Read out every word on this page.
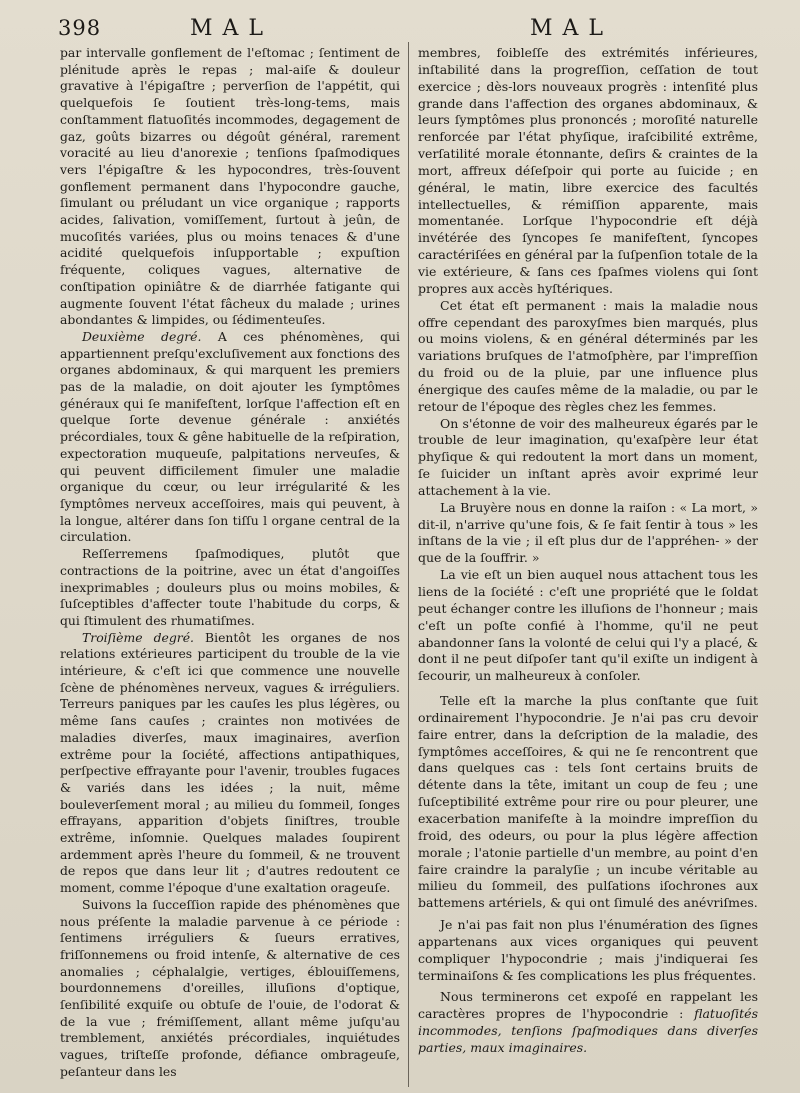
398	MAL	MAL

par intervalle gonflement de l'eſtomac ; ſentiment de plénitude après le repas ; mal-aiſe & douleur gravative à l'épigaſtre ; perverſion de l'appétit, qui quelquefois ſe ſoutient très-long-tems, mais conſtamment flatuoſités incommodes, degagement de gaz, goûts bizarres ou dégoût général, rarement voracité au lieu d'anorexie ; tenſions ſpaſmodiques vers l'épigaſtre & les hypocondres, très-ſouvent gonflement permanent dans l'hypocondre gauche, ſimulant ou préludant un vice organique ; rapports acides, ſalivation, vomiſſement, ſurtout à jeûn, de mucoſités variées, plus ou moins tenaces & d'une acidité quelquefois inſupportable ; expuſtion fréquente, coliques vagues, alternative de conſtipation opiniâtre & de diarrhée fatigante qui augmente ſouvent l'état fâcheux du malade ; urines abondantes & limpides, ou ſédimenteuſes.

Deuxième degré. A ces phénomènes, qui appartiennent preſqu'excluſivement aux fonctions des organes abdominaux, & qui marquent les premiers pas de la maladie, on doit ajouter les ſymptômes généraux qui ſe manifeſtent, lorſque l'affection eſt en quelque ſorte devenue générale : anxiétés précordiales, toux & gêne habituelle de la reſpiration, expectoration muqueuſe, palpitations nerveuſes, & qui peuvent difficilement ſimuler une maladie organique du cœur, ou leur irrégularité & les ſymptômes nerveux acceſſoires, mais qui peuvent, à la longue, altérer dans ſon tiſſu l organe central de la circulation.

Reſſerremens ſpaſmodiques, plutôt que contractions de la poitrine, avec un état d'angoiſſes inexprimables ; douleurs plus ou moins mobiles, & ſuſceptibles d'affecter toute l'habitude du corps, & qui ſtimulent des rhumatiſmes.

Troiſième degré. Bientôt les organes de nos relations extérieures participent du trouble de la vie intérieure, & c'eſt ici que commence une nouvelle ſcène de phénomènes nerveux, vagues & irréguliers. Terreurs paniques par les cauſes les plus légères, ou même ſans cauſes ; craintes non motivées de maladies diverſes, maux imaginaires, averſion extrême pour la ſociété, affections antipathiques, perſpective effrayante pour l'avenir, troubles fugaces & variés dans les idées ; la nuit, même bouleverſement moral ; au milieu du ſommeil, ſonges effrayans, apparition d'objets ſiniſtres, trouble extrême, inſomnie. Quelques malades ſoupirent ardemment après l'heure du ſommeil, & ne trouvent de repos que dans leur lit ; d'autres redoutent ce moment, comme l'époque d'une exaltation orageuſe.

Suivons la ſucceſſion rapide des phénomènes que nous préſente la maladie parvenue à ce période : ſentimens irréguliers & ſueurs erratives, friſſonnemens ou froid intenſe, & alternative de ces anomalies ; céphalalgie, vertiges, éblouiſſemens, bourdonnemens d'oreilles, illuſions d'optique, ſenſibilité exquiſe ou obtuſe de l'ouie, de l'odorat & de la vue ; frémiſſement, allant même juſqu'au tremblement, anxiétés précordiales, inquiétudes vagues, triſteſſe profonde, défiance ombrageuſe, peſanteur dans les

membres, foibleſſe des extrémités inférieures, inſtabilité dans la progreſſion, ceſſation de tout exercice ; dès-lors nouveaux progrès : intenſité plus grande dans l'affection des organes abdominaux, & leurs ſymptômes plus prononcés ; moroſité naturelle renforcée par l'état phyſique, iraſcibilité extrême, verſatilité morale étonnante, deſirs & craintes de la mort, affreux déſeſpoir qui porte au ſuicide ; en général, le matin, libre exercice des facultés intellectuelles, & rémiſſion apparente, mais momentanée. Lorſque l'hypocondrie eſt déjà invétérée des ſyncopes ſe manifeſtent, ſyncopes caractériſées en général par la ſuſpenſion totale de la vie extérieure, & ſans ces ſpaſmes violens qui ſont propres aux accès hyſtériques.

Cet état eſt permanent : mais la maladie nous offre cependant des paroxyſmes bien marqués, plus ou moins violens, & en général déterminés par les variations bruſques de l'atmoſphère, par l'impreſſion du froid ou de la pluie, par une influence plus énergique des cauſes même de la maladie, ou par le retour de l'époque des règles chez les femmes.

On s'étonne de voir des malheureux égarés par le trouble de leur imagination, qu'exaſpère leur état phyſique & qui redoutent la mort dans un moment, ſe ſuicider un inſtant après avoir exprimé leur attachement à la vie.

La Bruyère nous en donne la raiſon : « La mort, » dit-il, n'arrive qu'une fois, & ſe fait ſentir à tous » les inſtans de la vie ; il eſt plus dur de l'appréhen- » der que de la ſouffrir. »

La vie eſt un bien auquel nous attachent tous les liens de la ſociété : c'eſt une propriété que le ſoldat peut échanger contre les illuſions de l'honneur ; mais c'eſt un poſte confié à l'homme, qu'il ne peut abandonner ſans la volonté de celui qui l'y a placé, & dont il ne peut diſpoſer tant qu'il exiſte un indigent à ſecourir, un malheureux à conſoler.

Telle eſt la marche la plus conſtante que ſuit ordinairement l'hypocondrie. Je n'ai pas cru devoir faire entrer, dans la deſcription de la maladie, des ſymptômes acceſſoires, & qui ne ſe rencontrent que dans quelques cas : tels ſont certains bruits de détente dans la tête, imitant un coup de feu ; une ſuſceptibilité extrême pour rire ou pour pleurer, une exacerbation manifeſte à la moindre impreſſion du froid, des odeurs, ou pour la plus légère affection morale ; l'atonie partielle d'un membre, au point d'en faire craindre la paralyſie ; un incube véritable au milieu du ſommeil, des pulſations iſochrones aux battemens artériels, & qui ont ſimulé des anévriſmes.

Je n'ai pas fait non plus l'énumération des ſignes appartenans aux vices organiques qui peuvent compliquer l'hypocondrie ; mais j'indiquerai ſes terminaiſons & ſes complications les plus fréquentes.

Nous terminerons cet expoſé en rappelant les caractères propres de l'hypocondrie : flatuoſités incommodes, tenſions ſpaſmodiques dans diverſes parties, maux imaginaires.
